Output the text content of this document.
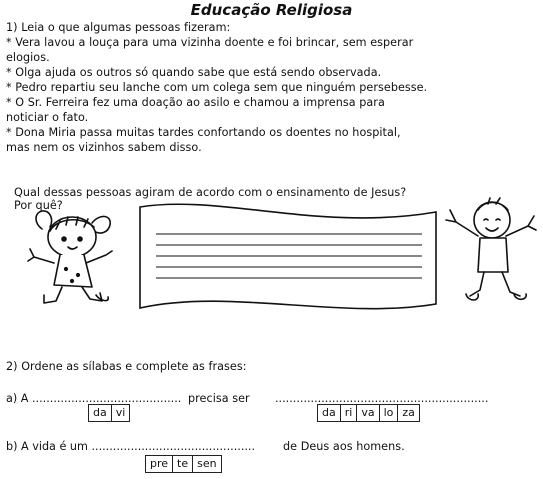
Educação Religiosa
1) Leia o que algumas pessoas fizeram:
* Vera lavou a louça para uma vizinha doente e foi brincar, sem esperar
elogios.
* Olga ajuda os outros só quando sabe que está sendo observada.
* Pedro repartiu seu lanche com um colega sem que ninguém persebesse.
* O Sr. Ferreira fez uma doação ao asilo e chamou a imprensa para
noticiar o fato.
* Dona Miria passa muitas tardes confortando os doentes no hospital,
mas nem os vizinhos sabem disso.
Qual dessas pessoas agiram de acordo com o ensinamento de Jesus?
Por quê?
2) Ordene as sílabas e complete as frases:
a) A .......................................... precisa ser ............................................................
da vi	da ri va lo za
b) A vida é um .............................................. de Deus aos homens.
pre te sen
